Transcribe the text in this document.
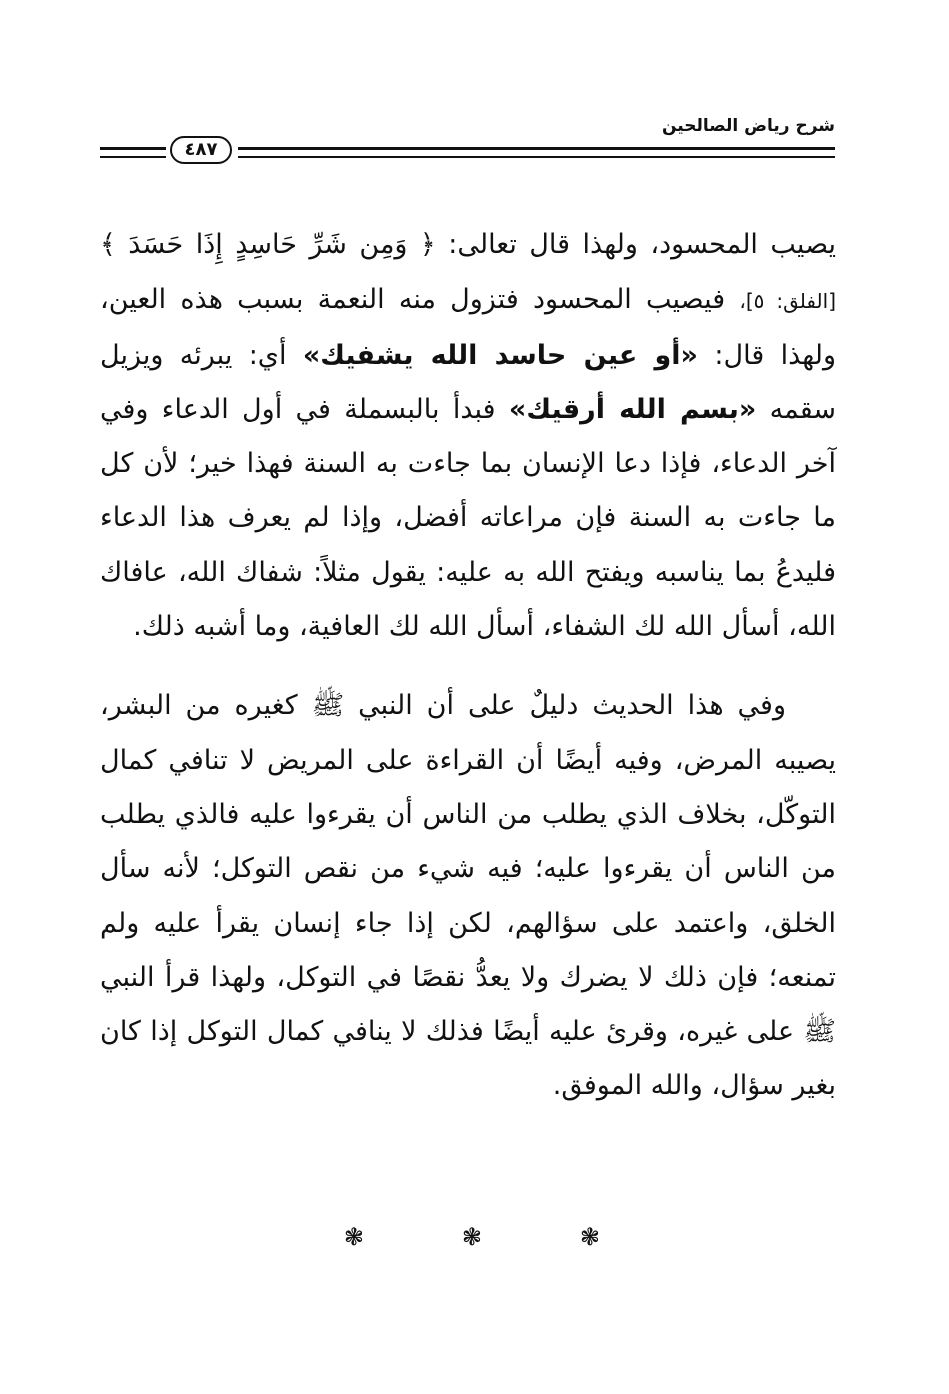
شرح رياض الصالحين
٤٨٧

يصيب المحسود، ولهذا قال تعالى: ﴿ وَمِن شَرِّ حَاسِدٍ إِذَا حَسَدَ ﴾ [الفلق: ٥]، فيصيب المحسود فتزول منه النعمة بسبب هذه العين، ولهذا قال: «أو عين حاسد الله يشفيك» أي: يبرئه ويزيل سقمه «بسم الله أرقيك» فبدأ بالبسملة في أول الدعاء وفي آخر الدعاء، فإذا دعا الإنسان بما جاءت به السنة فهذا خير؛ لأن كل ما جاءت به السنة فإن مراعاته أفضل، وإذا لم يعرف هذا الدعاء فليدعُ بما يناسبه ويفتح الله به عليه: يقول مثلاً: شفاك الله، عافاك الله، أسأل الله لك الشفاء، أسأل الله لك العافية، وما أشبه ذلك.

وفي هذا الحديث دليلٌ على أن النبي ﷺ كغيره من البشر، يصيبه المرض، وفيه أيضًا أن القراءة على المريض لا تنافي كمال التوكّل، بخلاف الذي يطلب من الناس أن يقرءوا عليه فالذي يطلب من الناس أن يقرءوا عليه؛ فيه شيء من نقص التوكل؛ لأنه سأل الخلق، واعتمد على سؤالهم، لكن إذا جاء إنسان يقرأ عليه ولم تمنعه؛ فإن ذلك لا يضرك ولا يعدُّ نقصًا في التوكل، ولهذا قرأ النبي ﷺ على غيره، وقرئ عليه أيضًا فذلك لا ينافي كمال التوكل إذا كان بغير سؤال، والله الموفق.

❃
❃
❃
